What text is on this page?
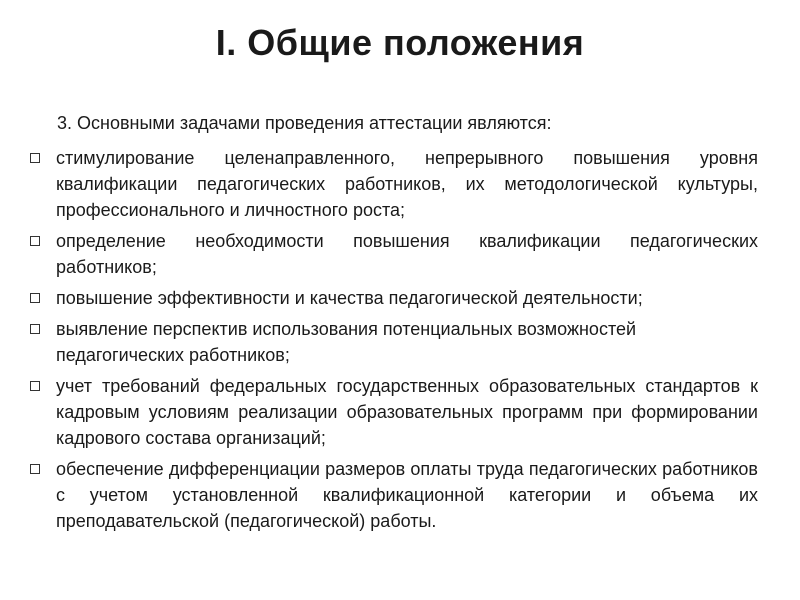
I. Общие положения

3. Основными задачами проведения аттестации являются:

стимулирование целенаправленного, непрерывного повышения уровня квалификации педагогических работников, их методологической культуры, профессионального и личностного роста;
определение необходимости повышения квалификации педагогических работников;
повышение эффективности и качества педагогической деятельности;
выявление перспектив использования потенциальных возможностей педагогических работников;
учет требований федеральных государственных образовательных стандартов к кадровым условиям реализации образовательных программ при формировании кадрового состава организаций;
обеспечение дифференциации размеров оплаты труда педагогических работников с учетом установленной квалификационной категории и объема их преподавательской (педагогической) работы.
